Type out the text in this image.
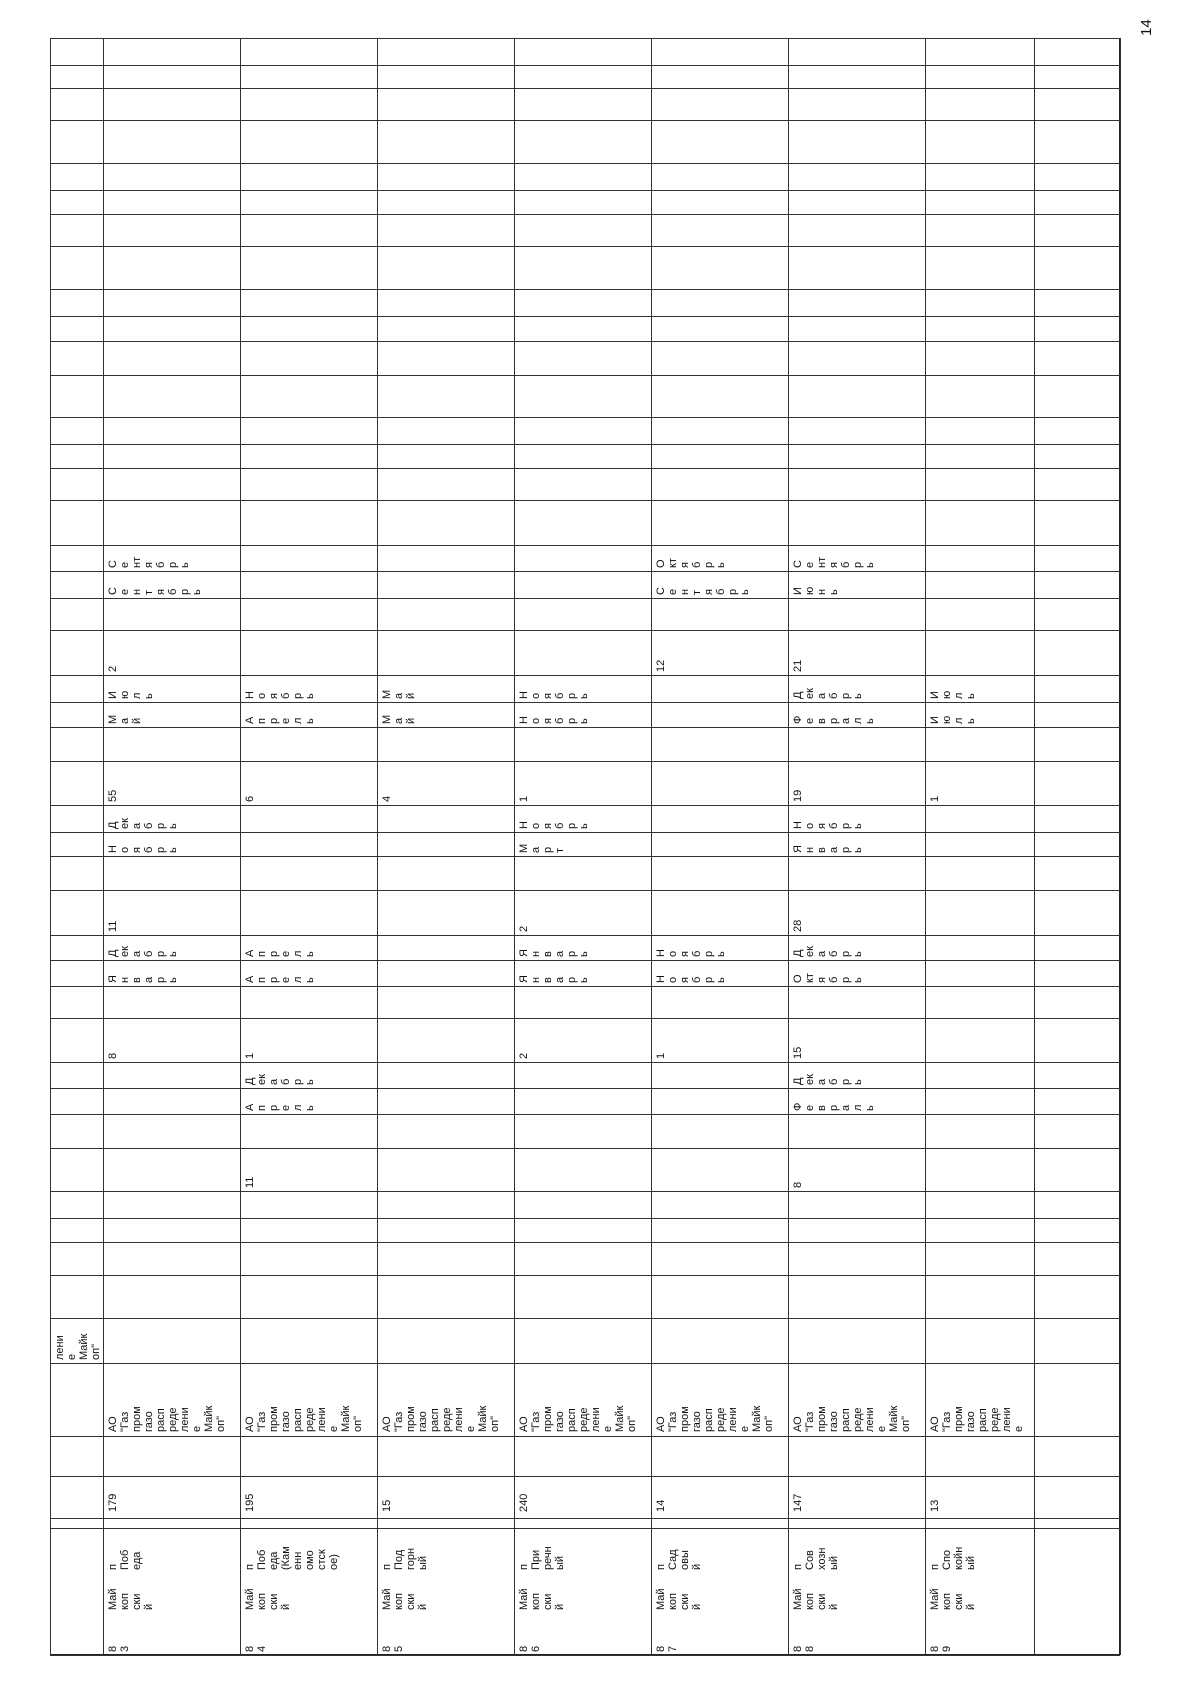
14
лени
е
Майк
оп"
8
3
Май
коп
ски
й
п
Поб
еда
179
АО
"Газ
пром
газо
расп
реде
лени
е
Майк
оп"
8
Я
н
в
а
р
ь
Д
ек
а
б
р
ь
11
Н
о
я
б
р
ь
Д
ек
а
б
р
ь
55
М
а
й
И
ю
л
ь
2
С
е
н
т
я
б
р
ь
С
е
нт
я
б
р
ь
8
4
Май
коп
ски
й
п
Поб
еда
(Кам
енн
омо
стск
ое)
195
АО
"Газ
пром
газо
расп
реде
лени
е
Майк
оп"
11
А
п
р
е
л
ь
Д
ек
а
б
р
ь
1
А
п
р
е
л
ь
А
п
р
е
л
ь
6
А
п
р
е
л
ь
Н
о
я
б
р
ь
8
5
Май
коп
ски
й
п
Под
горн
ый
15
АО
"Газ
пром
газо
расп
реде
лени
е
Майк
оп"
4
М
а
й
М
а
й
8
6
Май
коп
ски
й
п
При
речн
ый
240
АО
"Газ
пром
газо
расп
реде
лени
е
Майк
оп"
2
Я
н
в
а
р
ь
Я
н
в
а
р
ь
2
М
а
р
т
Н
о
я
б
р
ь
1
Н
о
я
б
р
ь
Н
о
я
б
р
ь
8
7
Май
коп
ски
й
п
Сад
овы
й
14
АО
"Газ
пром
газо
расп
реде
лени
е
Майк
оп"
1
Н
о
я
б
р
ь
Н
о
я
б
р
ь
12
С
е
н
т
я
б
р
ь
О
кт
я
б
р
ь
8
8
Май
коп
ски
й
п
Сов
хозн
ый
147
АО
"Газ
пром
газо
расп
реде
лени
е
Майк
оп"
8
Ф
е
в
р
а
л
ь
Д
ек
а
б
р
ь
15
О
кт
я
б
р
ь
Д
ек
а
б
р
ь
28
Я
н
в
а
р
ь
Н
о
я
б
р
ь
19
Ф
е
в
р
а
л
ь
Д
ек
а
б
р
ь
21
И
ю
н
ь
С
е
нт
я
б
р
ь
8
9
Май
коп
ски
й
п
Спо
койн
ый
13
АО
"Газ
пром
газо
расп
реде
лени
е
1
И
ю
л
ь
И
ю
л
ь
